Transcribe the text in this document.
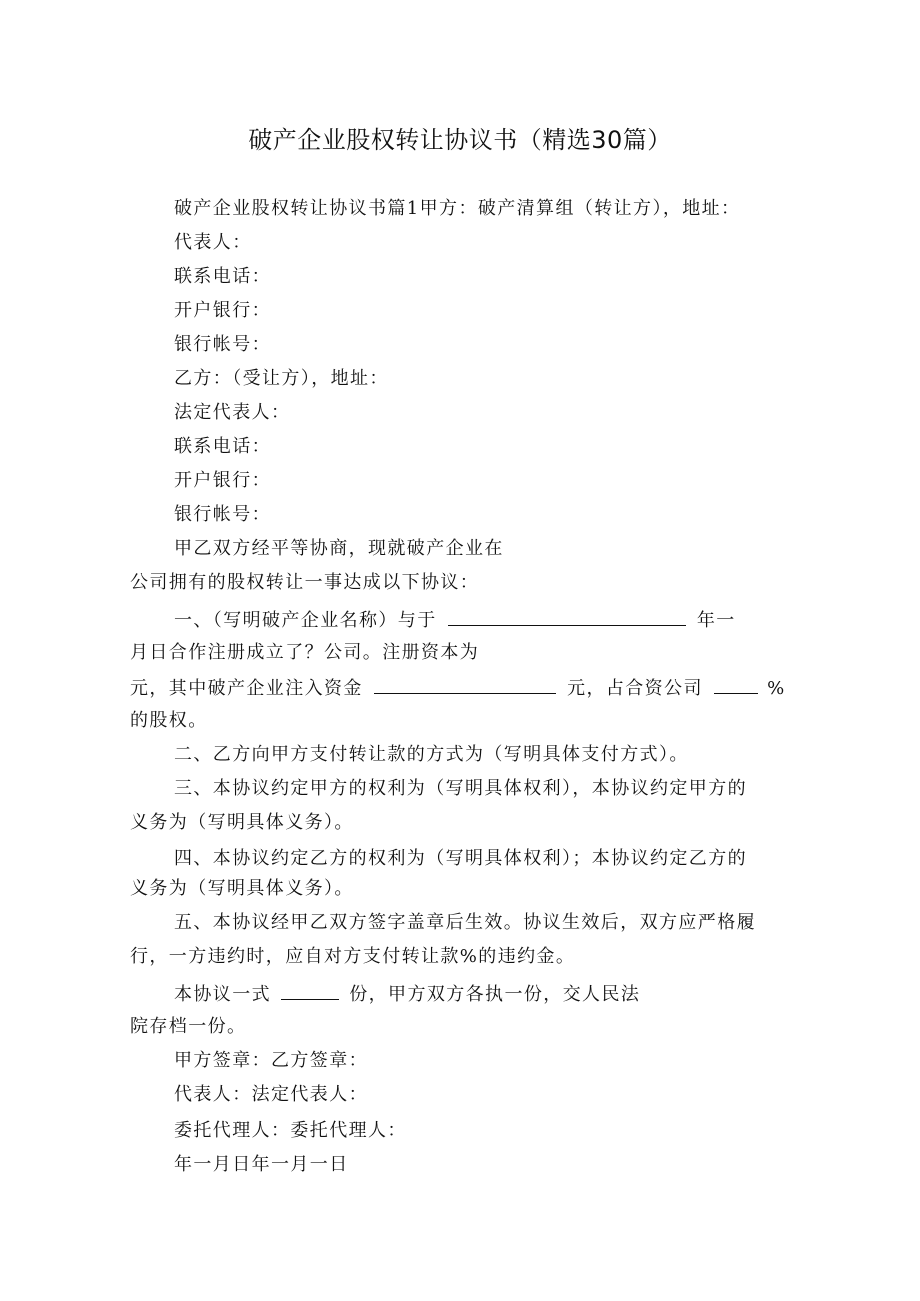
破产企业股权转让协议书（精选30篇）
破产企业股权转让协议书篇1甲方：破产清算组（转让方），地址：
代表人：
联系电话：
开户银行：
银行帐号：
乙方：（受让方），地址：
法定代表人：
联系电话：
开户银行：
银行帐号：
甲乙双方经平等协商，现就破产企业在
公司拥有的股权转让一事达成以下协议：
一、（写明破产企业名称）与于	年一
月日合作注册成立了？公司。注册资本为
元，其中破产企业注入资金	元，占合资公司	%
的股权。
二、乙方向甲方支付转让款的方式为（写明具体支付方式）。
三、本协议约定甲方的权利为（写明具体权利），本协议约定甲方的
义务为（写明具体义务）。
四、本协议约定乙方的权利为（写明具体权利）；本协议约定乙方的
义务为（写明具体义务）。
五、本协议经甲乙双方签字盖章后生效。协议生效后，双方应严格履
行，一方违约时，应自对方支付转让款%的违约金。
本协议一式	份，甲方双方各执一份，交人民法
院存档一份。
甲方签章：乙方签章：
代表人：法定代表人：
委托代理人：委托代理人：
年一月日年一月一日
